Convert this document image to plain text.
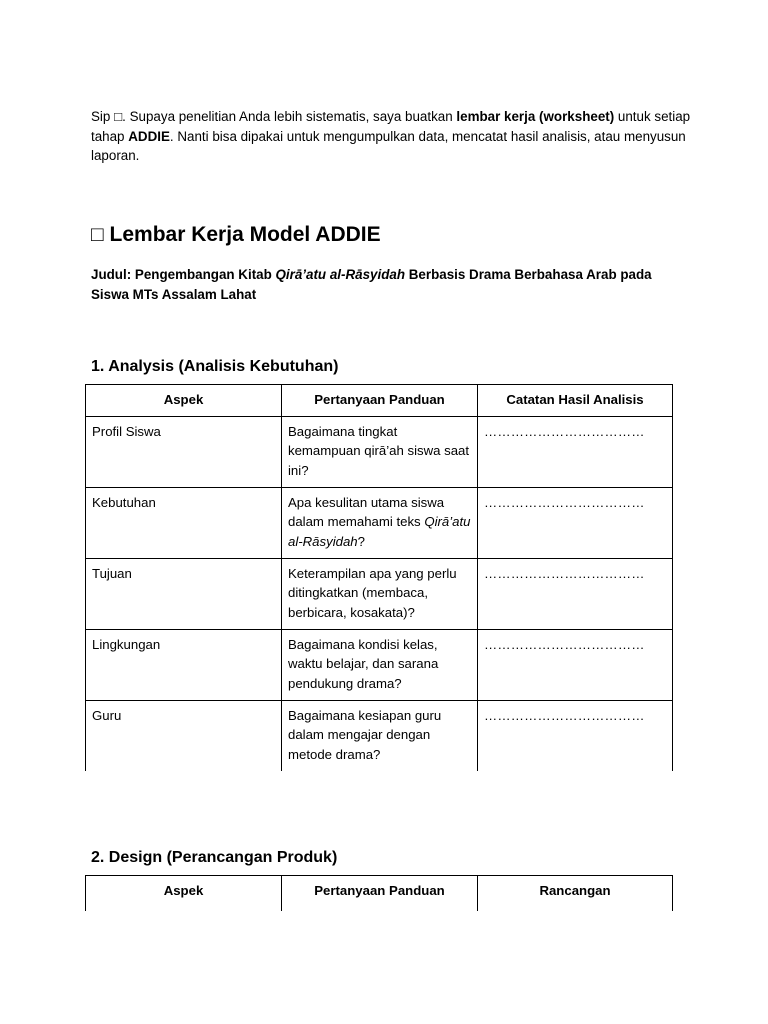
Sip □. Supaya penelitian Anda lebih sistematis, saya buatkan lembar kerja (worksheet) untuk setiap tahap ADDIE. Nanti bisa dipakai untuk mengumpulkan data, mencatat hasil analisis, atau menyusun laporan.
□ Lembar Kerja Model ADDIE
Judul: Pengembangan Kitab Qirā’atu al-Rāsyidah Berbasis Drama Berbahasa Arab pada Siswa MTs Assalam Lahat
1. Analysis (Analisis Kebutuhan)
Aspek	Pertanyaan Panduan	Catatan Hasil Analisis
Profil Siswa	Bagaimana tingkat kemampuan qirā’ah siswa saat ini?	………………………………
Kebutuhan	Apa kesulitan utama siswa dalam memahami teks Qirā’atu al-Rāsyidah?	………………………………
Tujuan	Keterampilan apa yang perlu ditingkatkan (membaca, berbicara, kosakata)?	………………………………
Lingkungan	Bagaimana kondisi kelas, waktu belajar, dan sarana pendukung drama?	………………………………
Guru	Bagaimana kesiapan guru dalam mengajar dengan metode drama?	………………………………
2. Design (Perancangan Produk)
Aspek	Pertanyaan Panduan	Rancangan
